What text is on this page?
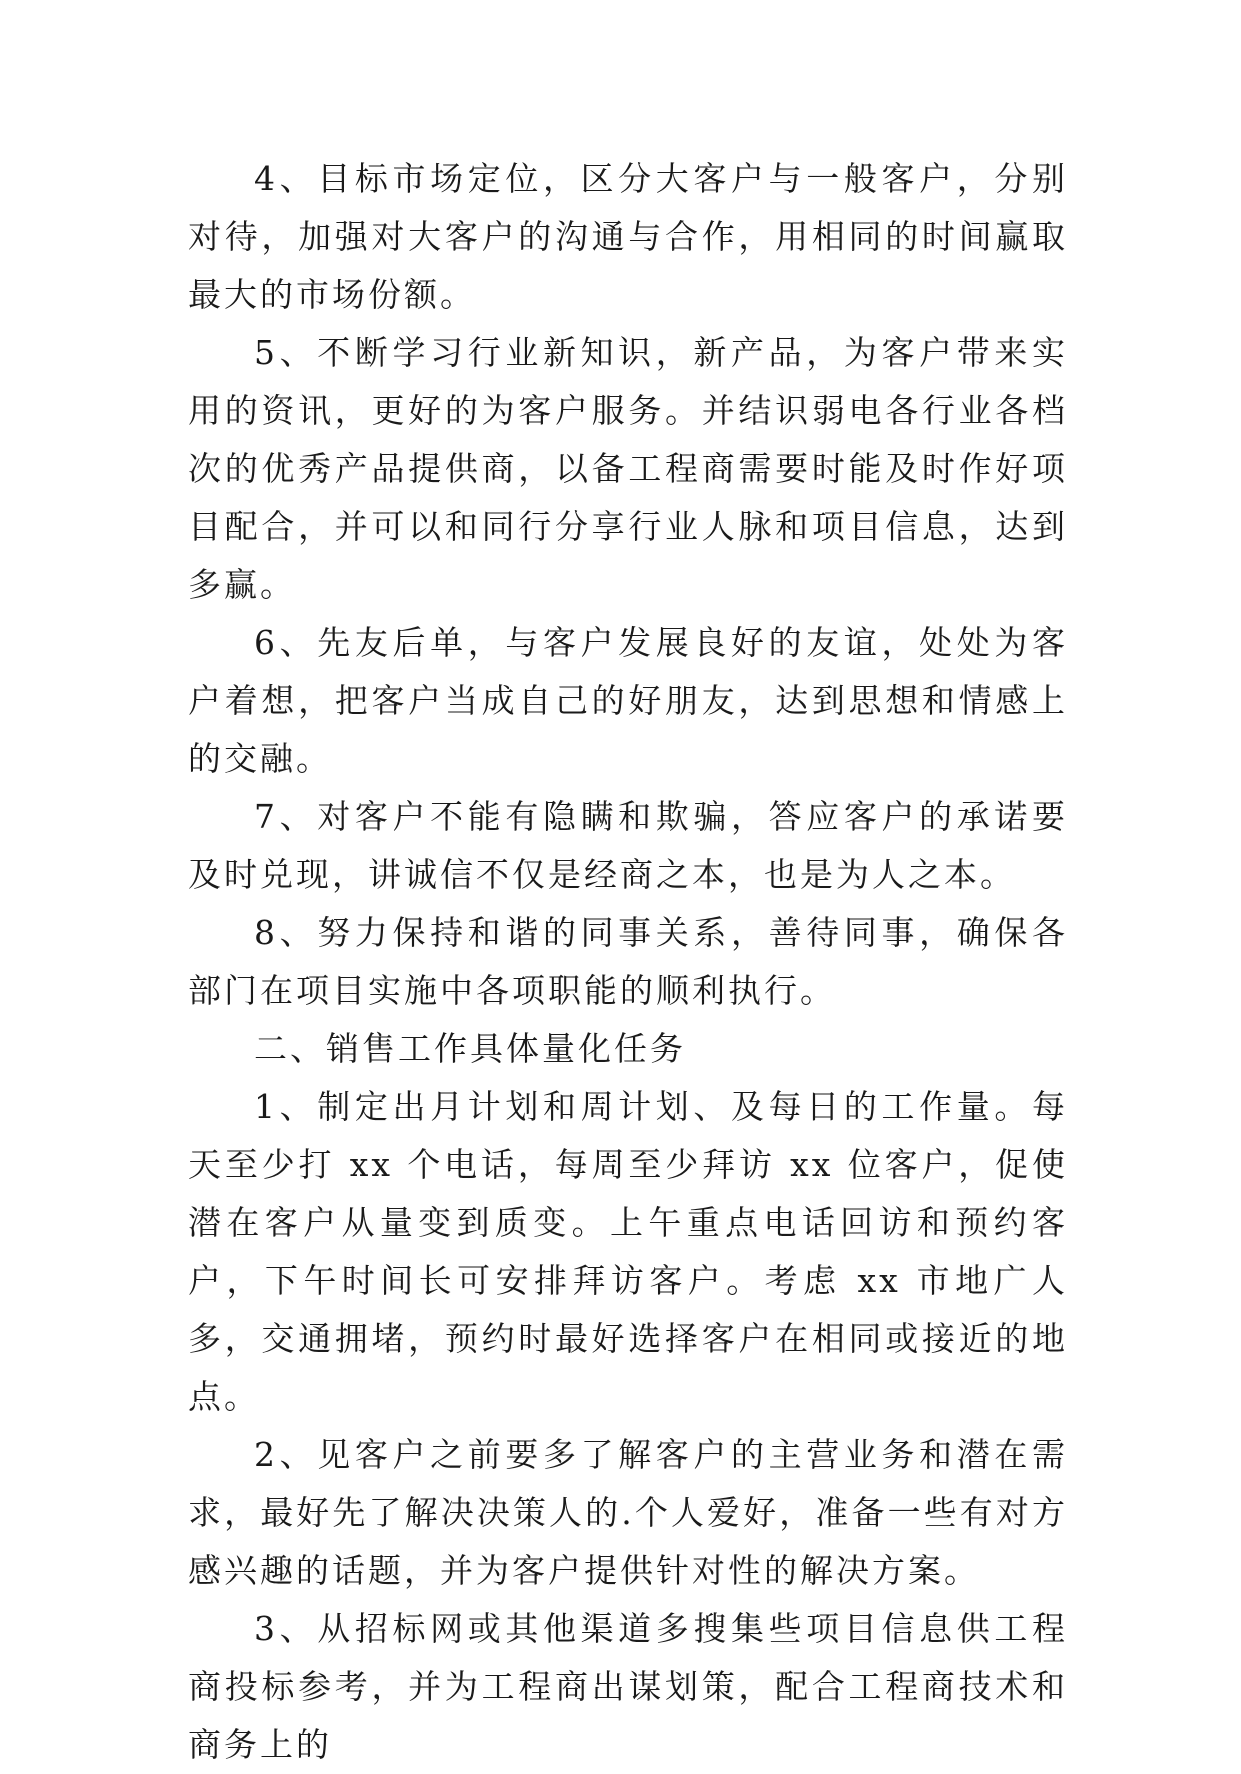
4、目标市场定位，区分大客户与一般客户，分别对待，加强对大客户的沟通与合作，用相同的时间赢取最大的市场份额。

5、不断学习行业新知识，新产品，为客户带来实用的资讯，更好的为客户服务。并结识弱电各行业各档次的优秀产品提供商，以备工程商需要时能及时作好项目配合，并可以和同行分享行业人脉和项目信息，达到多赢。

6、先友后单，与客户发展良好的友谊，处处为客户着想，把客户当成自己的好朋友，达到思想和情感上的交融。

7、对客户不能有隐瞒和欺骗，答应客户的承诺要及时兑现，讲诚信不仅是经商之本，也是为人之本。

8、努力保持和谐的同事关系，善待同事，确保各部门在项目实施中各项职能的顺利执行。

二、销售工作具体量化任务

1、制定出月计划和周计划、及每日的工作量。每天至少打 xx 个电话，每周至少拜访 xx 位客户，促使潜在客户从量变到质变。上午重点电话回访和预约客户，下午时间长可安排拜访客户。考虑 xx 市地广人多，交通拥堵，预约时最好选择客户在相同或接近的地点。

2、见客户之前要多了解客户的主营业务和潜在需求，最好先了解决决策人的.个人爱好，准备一些有对方感兴趣的话题，并为客户提供针对性的解决方案。

3、从招标网或其他渠道多搜集些项目信息供工程商投标参考，并为工程商出谋划策，配合工程商技术和商务上的
